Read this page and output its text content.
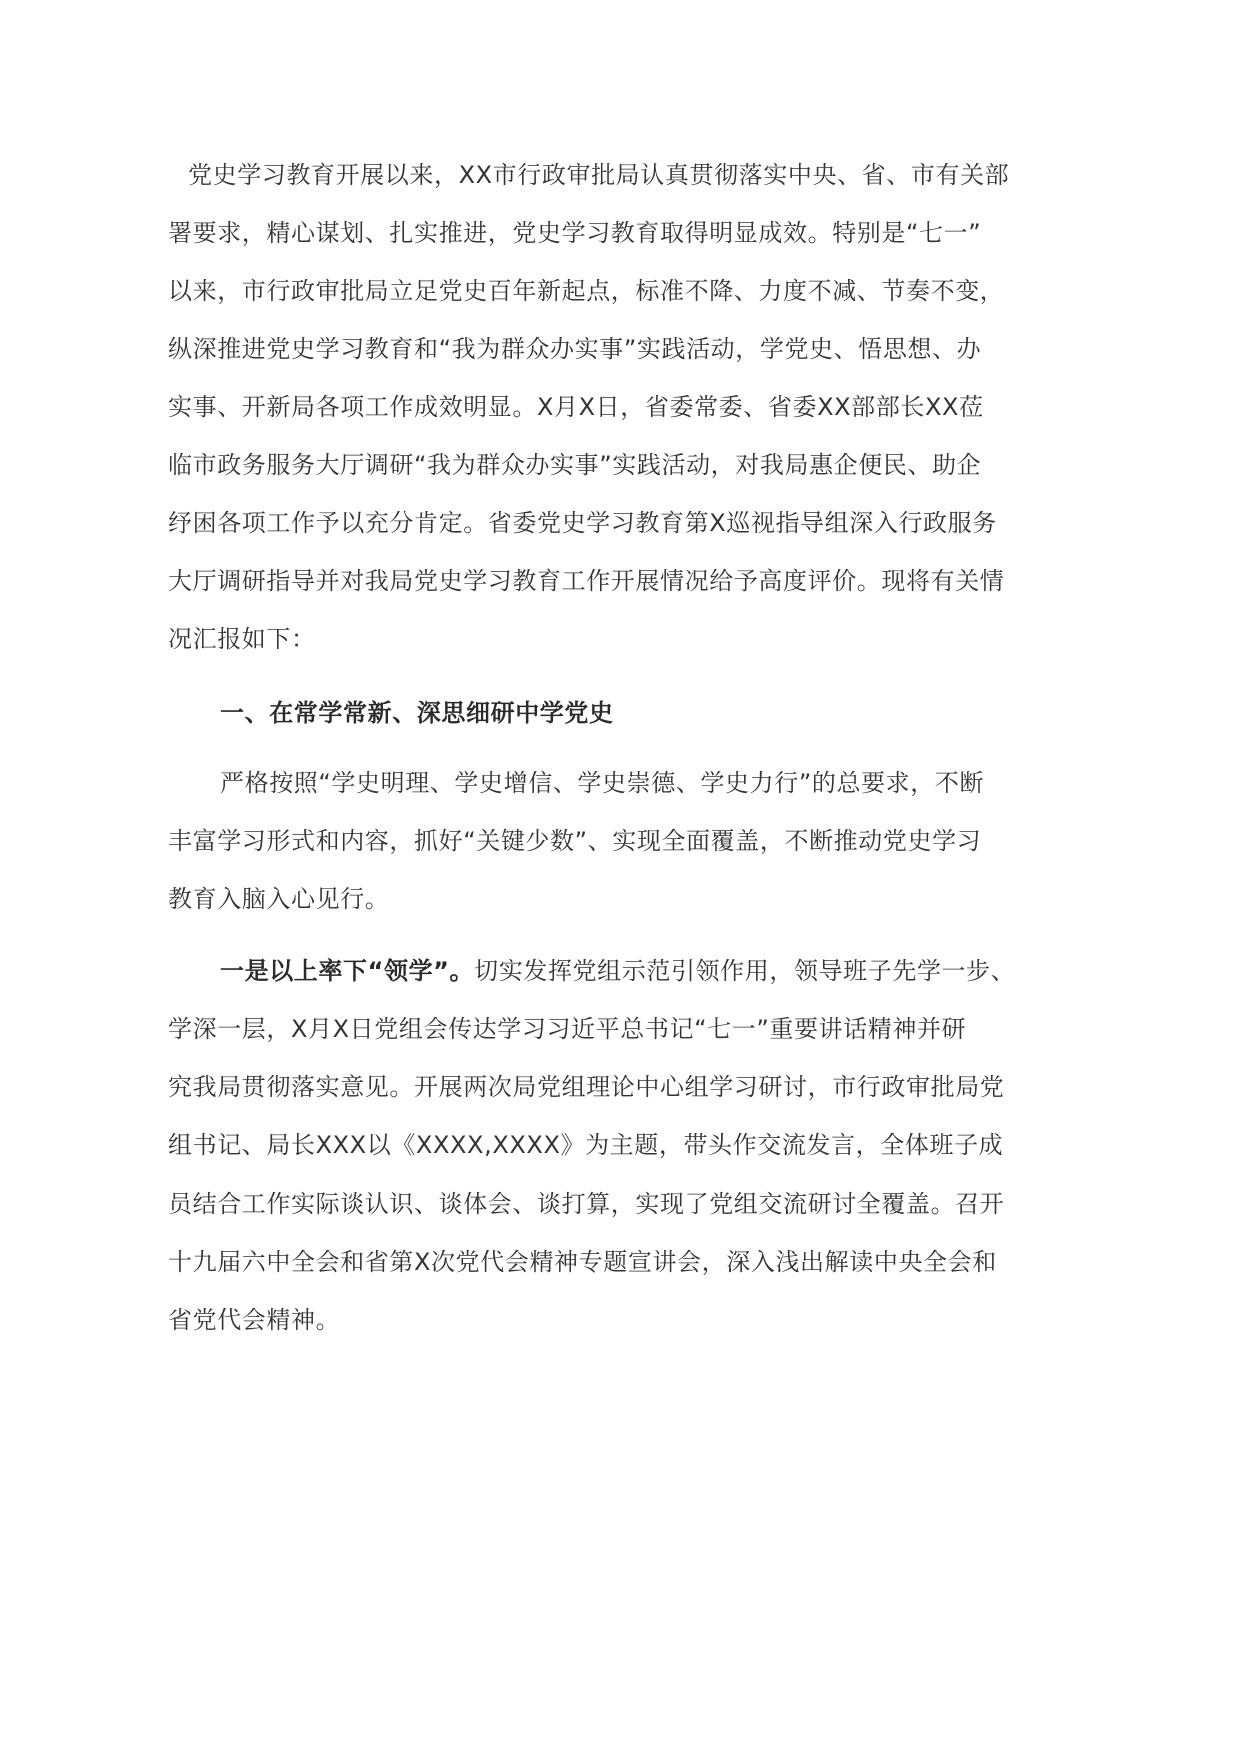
党史学习教育开展以来，XX市行政审批局认真贯彻落实中央、省、市有关部
署要求，精心谋划、扎实推进，党史学习教育取得明显成效。特别是“七一”
以来，市行政审批局立足党史百年新起点，标准不降、力度不减、节奏不变，
纵深推进党史学习教育和“我为群众办实事”实践活动，学党史、悟思想、办
实事、开新局各项工作成效明显。X月X日，省委常委、省委XX部部长XX莅
临市政务服务大厅调研“我为群众办实事”实践活动，对我局惠企便民、助企
纾困各项工作予以充分肯定。省委党史学习教育第X巡视指导组深入行政服务
大厅调研指导并对我局党史学习教育工作开展情况给予高度评价。现将有关情
况汇报如下：
一、在常学常新、深思细研中学党史
严格按照“学史明理、学史增信、学史崇德、学史力行”的总要求，不断
丰富学习形式和内容，抓好“关键少数”、实现全面覆盖，不断推动党史学习
教育入脑入心见行。
一是以上率下“领学”。切实发挥党组示范引领作用，领导班子先学一步、
学深一层，X月X日党组会传达学习习近平总书记“七一”重要讲话精神并研
究我局贯彻落实意见。开展两次局党组理论中心组学习研讨，市行政审批局党
组书记、局长XXX以《XXXX,XXXX》为主题，带头作交流发言，全体班子成
员结合工作实际谈认识、谈体会、谈打算，实现了党组交流研讨全覆盖。召开
十九届六中全会和省第X次党代会精神专题宣讲会，深入浅出解读中央全会和
省党代会精神。
